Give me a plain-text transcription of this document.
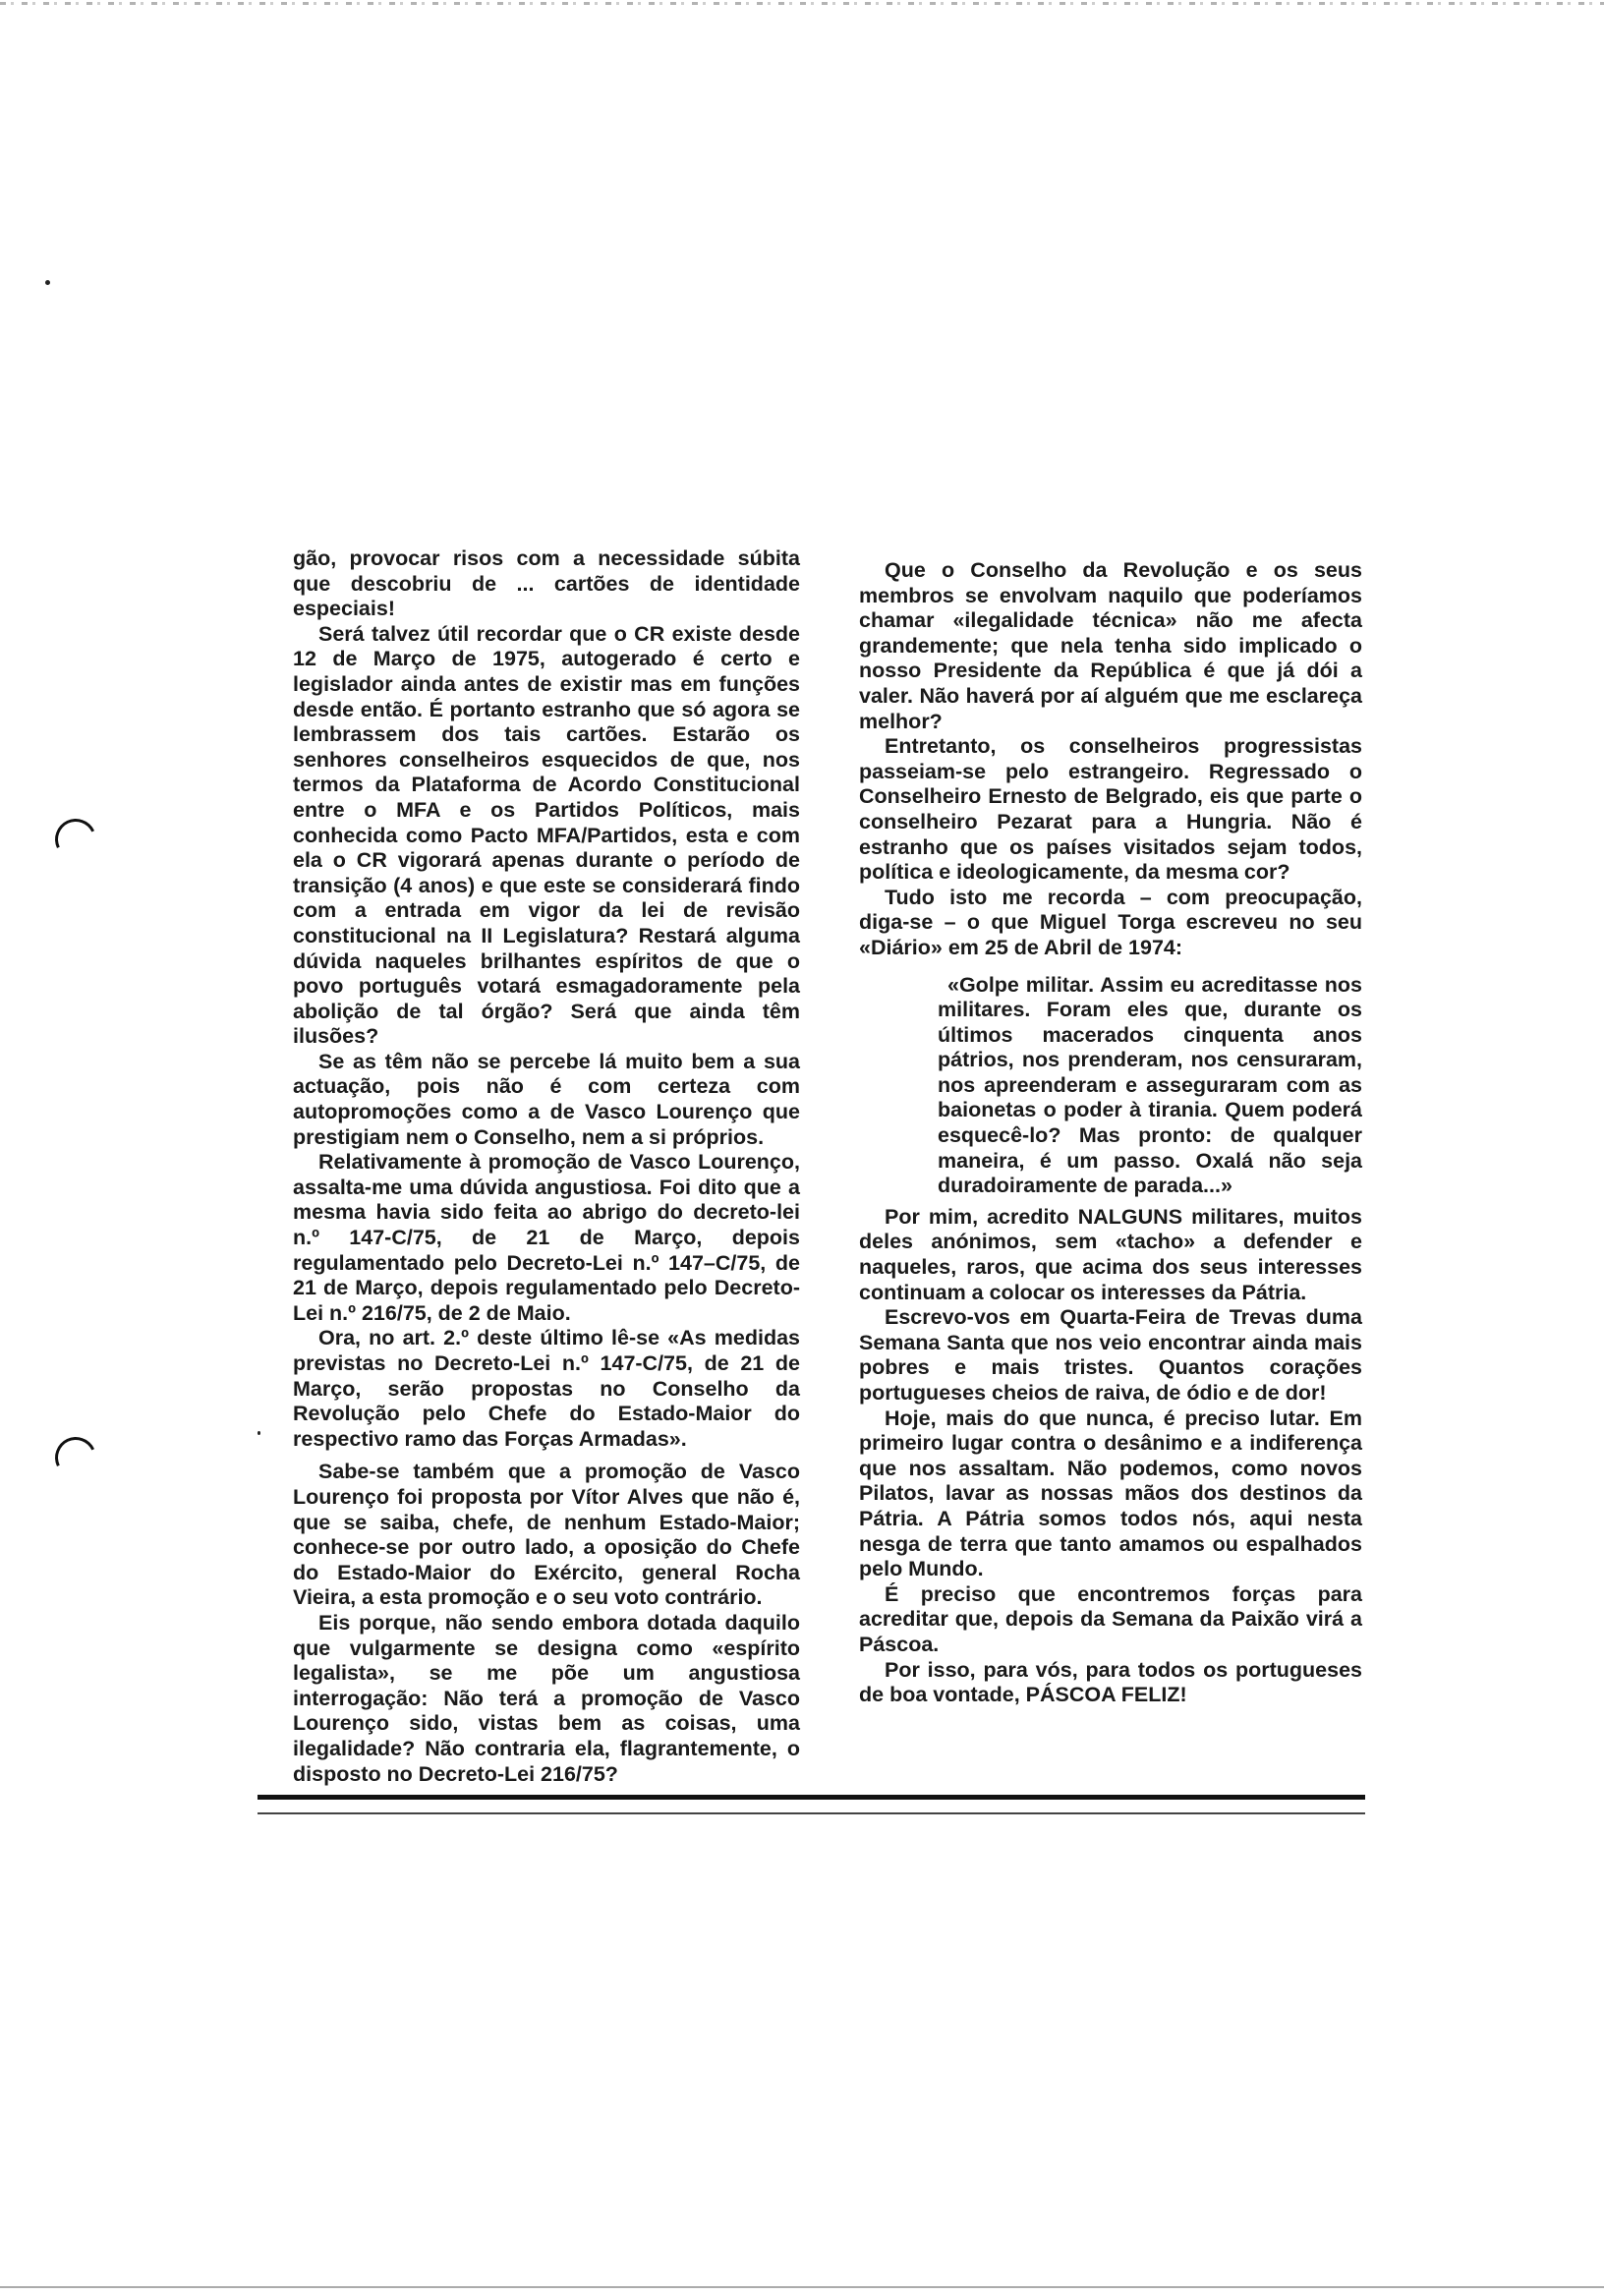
gão, provocar risos com a necessidade súbita que descobriu de ... cartões de identidade especiais!

Será talvez útil recordar que o CR existe desde 12 de Março de 1975, autogerado é certo e legislador ainda antes de existir mas em funções desde então. É portanto estranho que só agora se lembrassem dos tais cartões. Estarão os senhores conselheiros esquecidos de que, nos termos da Plataforma de Acordo Constitucional entre o MFA e os Partidos Políticos, mais conhecida como Pacto MFA/Partidos, esta e com ela o CR vigorará apenas durante o período de transição (4 anos) e que este se considerará findo com a entrada em vigor da lei de revisão constitucional na II Legislatura? Restará alguma dúvida naqueles brilhantes espíritos de que o povo português votará esmagadoramente pela abolição de tal órgão? Será que ainda têm ilusões?

Se as têm não se percebe lá muito bem a sua actuação, pois não é com certeza com autopromoções como a de Vasco Lourenço que prestigiam nem o Conselho, nem a si próprios.

Relativamente à promoção de Vasco Lourenço, assalta-me uma dúvida angustiosa. Foi dito que a mesma havia sido feita ao abrigo do decreto-lei n.º 147-C/75, de 21 de Março, depois regulamentado pelo Decreto-Lei n.º 147–C/75, de 21 de Março, depois regulamentado pelo Decreto-Lei n.º 216/75, de 2 de Maio.

Ora, no art. 2.º deste último lê-se «As medidas previstas no Decreto-Lei n.º 147-C/75, de 21 de Março, serão propostas no Conselho da Revolução pelo Chefe do Estado-Maior do respectivo ramo das Forças Armadas».

Sabe-se também que a promoção de Vasco Lourenço foi proposta por Vítor Alves que não é, que se saiba, chefe, de nenhum Estado-Maior; conhece-se por outro lado, a oposição do Chefe do Estado-Maior do Exército, general Rocha Vieira, a esta promoção e o seu voto contrário.

Eis porque, não sendo embora dotada daquilo que vulgarmente se designa como «espírito legalista», se me põe um angustiosa interrogação: Não terá a promoção de Vasco Lourenço sido, vistas bem as coisas, uma ilegalidade? Não contraria ela, flagrantemente, o disposto no Decreto-Lei 216/75?

Que o Conselho da Revolução e os seus membros se envolvam naquilo que poderíamos chamar «ilegalidade técnica» não me afecta grandemente; que nela tenha sido implicado o nosso Presidente da República é que já dói a valer. Não haverá por aí alguém que me esclareça melhor?

Entretanto, os conselheiros progressistas passeiam-se pelo estrangeiro. Regressado o Conselheiro Ernesto de Belgrado, eis que parte o conselheiro Pezarat para a Hungria. Não é estranho que os países visitados sejam todos, política e ideologicamente, da mesma cor?

Tudo isto me recorda – com preocupação, diga-se – o que Miguel Torga escreveu no seu «Diário» em 25 de Abril de 1974:

«Golpe militar. Assim eu acreditasse nos militares. Foram eles que, durante os últimos macerados cinquenta anos pátrios, nos prenderam, nos censuraram, nos apreenderam e asseguraram com as baionetas o poder à tirania. Quem poderá esquecê-lo? Mas pronto: de qualquer maneira, é um passo. Oxalá não seja duradoiramente de parada...»

Por mim, acredito NALGUNS militares, muitos deles anónimos, sem «tacho» a defender e naqueles, raros, que acima dos seus interesses continuam a colocar os interesses da Pátria.

Escrevo-vos em Quarta-Feira de Trevas duma Semana Santa que nos veio encontrar ainda mais pobres e mais tristes. Quantos corações portugueses cheios de raiva, de ódio e de dor!

Hoje, mais do que nunca, é preciso lutar. Em primeiro lugar contra o desânimo e a indiferença que nos assaltam. Não podemos, como novos Pilatos, lavar as nossas mãos dos destinos da Pátria. A Pátria somos todos nós, aqui nesta nesga de terra que tanto amamos ou espalhados pelo Mundo.

É preciso que encontremos forças para acreditar que, depois da Semana da Paixão virá a Páscoa.

Por isso, para vós, para todos os portugueses de boa vontade, PÁSCOA FELIZ!
